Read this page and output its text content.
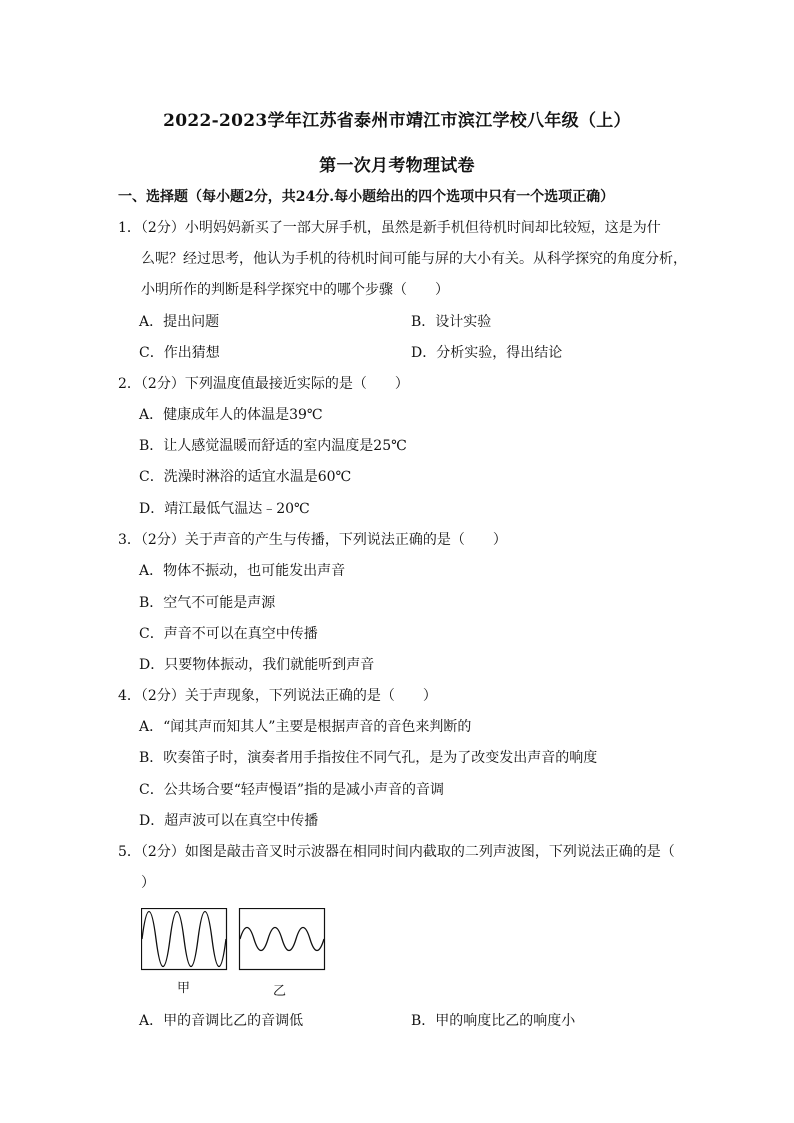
2022-2023学年江苏省泰州市靖江市滨江学校八年级（上）
第一次月考物理试卷
一、选择题（每小题2分，共24分.每小题给出的四个选项中只有一个选项正确）
1．（2分）小明妈妈新买了一部大屏手机，虽然是新手机但待机时间却比较短，这是为什
么呢？经过思考，他认为手机的待机时间可能与屏的大小有关。从科学探究的角度分析，
小明所作的判断是科学探究中的哪个步骤（　　）
A．提出问题	B．设计实验
C．作出猜想	D．分析实验，得出结论
2．（2分）下列温度值最接近实际的是（　　）
A．健康成年人的体温是39℃
B．让人感觉温暖而舒适的室内温度是25℃
C．洗澡时淋浴的适宜水温是60℃
D．靖江最低气温达﹣20℃
3．（2分）关于声音的产生与传播，下列说法正确的是（　　）
A．物体不振动，也可能发出声音
B．空气不可能是声源
C．声音不可以在真空中传播
D．只要物体振动，我们就能听到声音
4．（2分）关于声现象，下列说法正确的是（　　）
A．“闻其声而知其人”主要是根据声音的音色来判断的
B．吹奏笛子时，演奏者用手指按住不同气孔，是为了改变发出声音的响度
C．公共场合要“轻声慢语”指的是减小声音的音调
D．超声波可以在真空中传播
5．（2分）如图是敲击音叉时示波器在相同时间内截取的二列声波图，下列说法正确的是（
）
甲	乙
A．甲的音调比乙的音调低	B．甲的响度比乙的响度小
